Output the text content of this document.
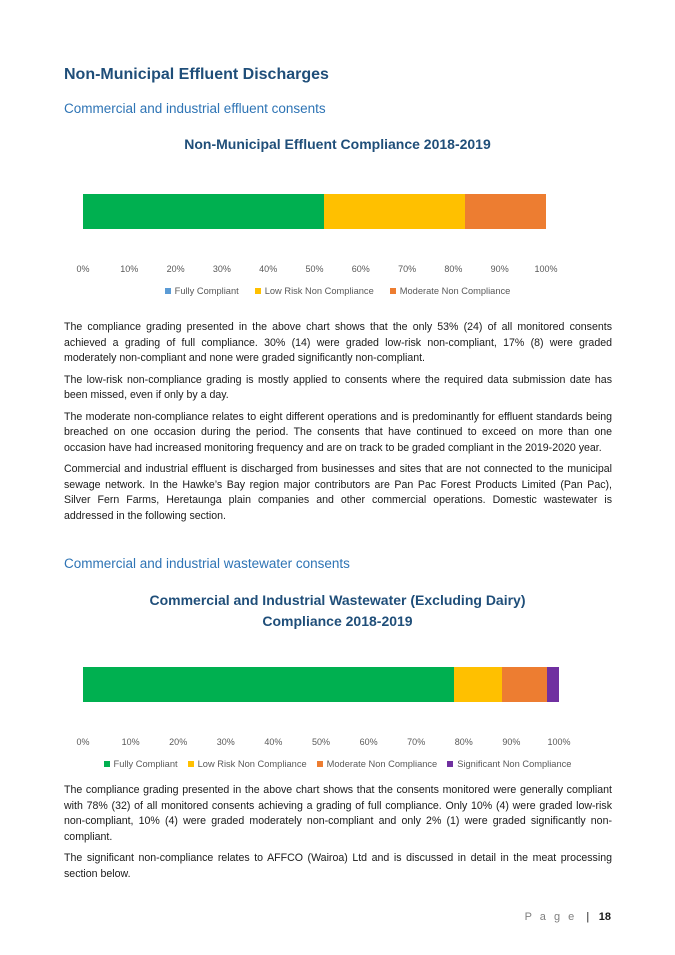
Non-Municipal Effluent Discharges
Commercial and industrial effluent consents
Non-Municipal Effluent Compliance 2018-2019
0%	10%	20%	30%	40%	50%	60%	70%	80%	90%	100%
Fully Compliant	Low Risk Non Compliance	Moderate Non Compliance

The compliance grading presented in the above chart shows that the only 53% (24) of all monitored consents achieved a grading of full compliance. 30% (14) were graded low-risk non-compliant, 17% (8) were graded moderately non-compliant and none were graded significantly non-compliant.

The low-risk non-compliance grading is mostly applied to consents where the required data submission date has been missed, even if only by a day.

The moderate non-compliance relates to eight different operations and is predominantly for effluent standards being breached on one occasion during the period. The consents that have continued to exceed on more than one occasion have had increased monitoring frequency and are on track to be graded compliant in the 2019-2020 year.

Commercial and industrial effluent is discharged from businesses and sites that are not connected to the municipal sewage network. In the Hawke’s Bay region major contributors are Pan Pac Forest Products Limited (Pan Pac), Silver Fern Farms, Heretaunga plain companies and other commercial operations. Domestic wastewater is addressed in the following section.

Commercial and industrial wastewater consents
Commercial and Industrial Wastewater (Excluding Dairy)
Compliance 2018-2019
0%	10%	20%	30%	40%	50%	60%	70%	80%	90%	100%
Fully Compliant Low Risk Non Compliance Moderate Non Compliance Significant Non Compliance

The compliance grading presented in the above chart shows that the consents monitored were generally compliant with 78% (32) of all monitored consents achieving a grading of full compliance. Only 10% (4) were graded low-risk non-compliant, 10% (4) were graded moderately non-compliant and only 2% (1) were graded significantly non-compliant.

The significant non-compliance relates to AFFCO (Wairoa) Ltd and is discussed in detail in the meat processing section below.

P a g e | 18
